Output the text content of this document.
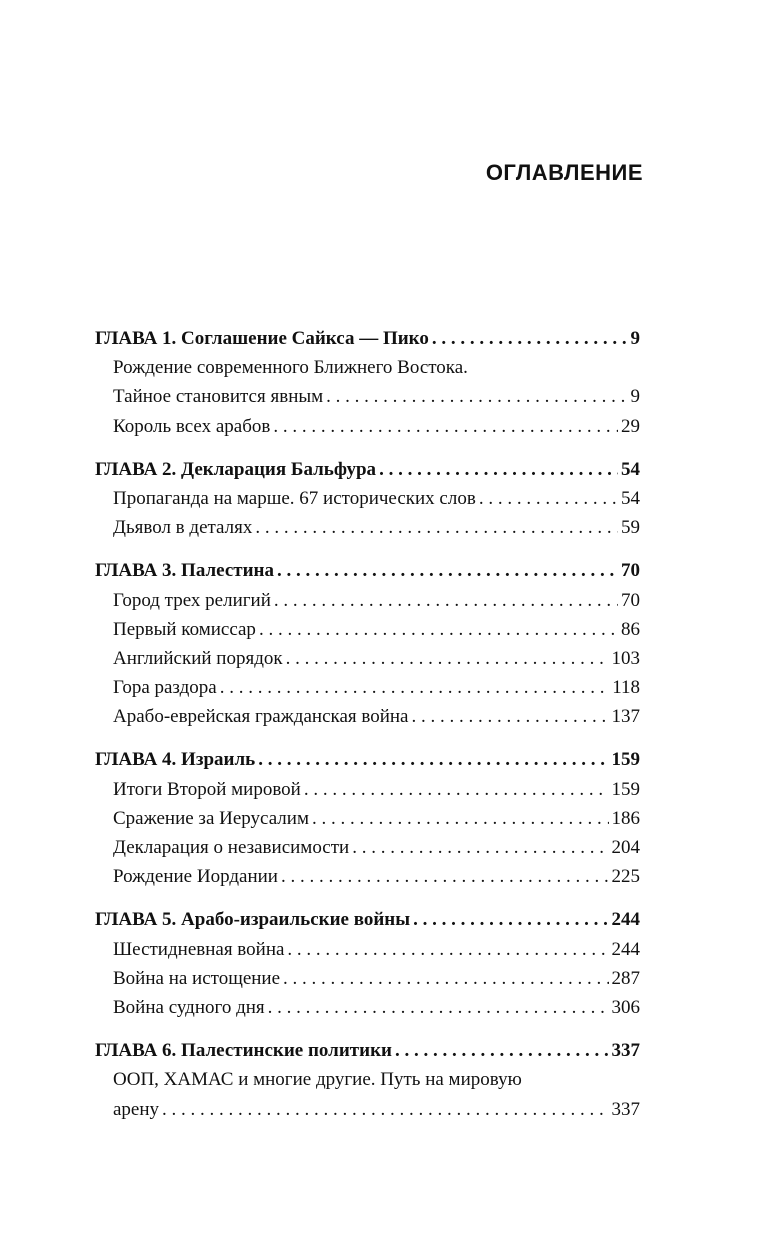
ОГЛАВЛЕНИЕ
ГЛАВА 1. Соглашение Сайкса — Пико . . .	9
Рождение современного Ближнего Востока.
Тайное становится явным . . .	9
Король всех арабов . . .	29
ГЛАВА 2. Декларация Бальфура . . .	54
Пропаганда на марше. 67 исторических слов . . .	54
Дьявол в деталях . . .	59
ГЛАВА 3. Палестина . . .	70
Город трех религий . . .	70
Первый комиссар . . .	86
Английский порядок . . .	103
Гора раздора . . .	118
Арабо-еврейская гражданская война . . .	137
ГЛАВА 4. Израиль . . .	159
Итоги Второй мировой . . .	159
Сражение за Иерусалим . . .	186
Декларация о независимости . . .	204
Рождение Иордании . . .	225
ГЛАВА 5. Арабо-израильские войны . . .	244
Шестидневная война . . .	244
Война на истощение . . .	287
Война судного дня . . .	306
ГЛАВА 6. Палестинские политики . . .	337
ООП, ХАМАС и многие другие. Путь на мировую
арену . . .	337
